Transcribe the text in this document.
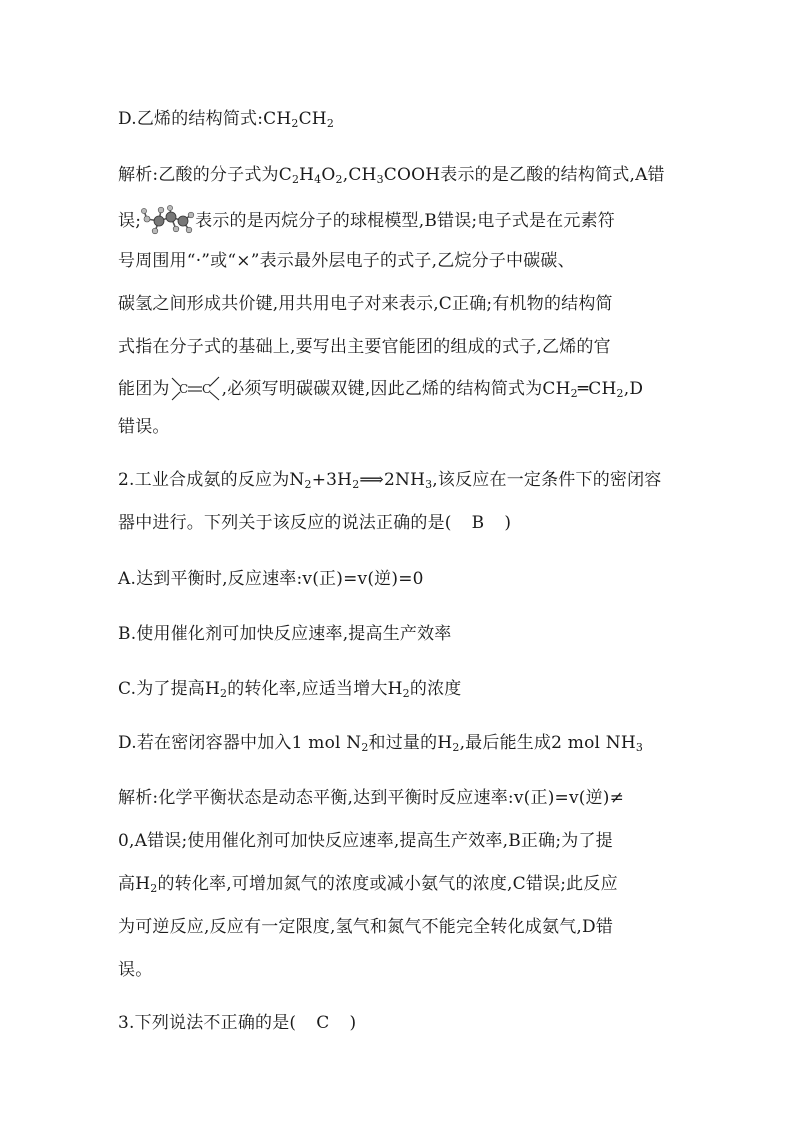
D.乙烯的结构简式$:CH_2CH_2$
解析:乙酸的分子式为$C_2H_4O_2,CH_3COOH$表示的是乙酸的结构简式,A错
误;	表示的是丙烷分子的球棍模型,B错误;电子式是在元素符
号周围用“·”或“×”表示最外层电子的式子,乙烷分子中碳碳、
碳氢之间形成共价键,用共用电子对来表示,C正确;有机物的结构简
式指在分子式的基础上,要写出主要官能团的组成的式子,乙烯的官
能团为 C C ,必须写明碳碳双键,因此乙烯的结构简式为$CH_2═CH_2,D$
错误。
2.工业合成氨的反应为$N_2+3H_2⟹2NH_3$,该反应在一定条件下的密闭容
器中进行。下列关于该反应的说法正确的是( B )
A.达到平衡时,反应速率:v(正)=v(逆)=0
B.使用催化剂可加快反应速率,提高生产效率
C.为了提高$H_2$的转化率,应适当增大$H_2$的浓度
D.若在密闭容器中加入1 mol $N_2$和过量的$H_2$,最后能生成2 mol $NH_3$
解析:化学平衡状态是动态平衡,达到平衡时反应速率:v(正)=v(逆)≠
0,A错误;使用催化剂可加快反应速率,提高生产效率,B正确;为了提
高$H_2$的转化率,可增加氮气的浓度或减小氨气的浓度,C错误;此反应
为可逆反应,反应有一定限度,氢气和氮气不能完全转化成氨气,D错
误。
3.下列说法不正确的是( C )
